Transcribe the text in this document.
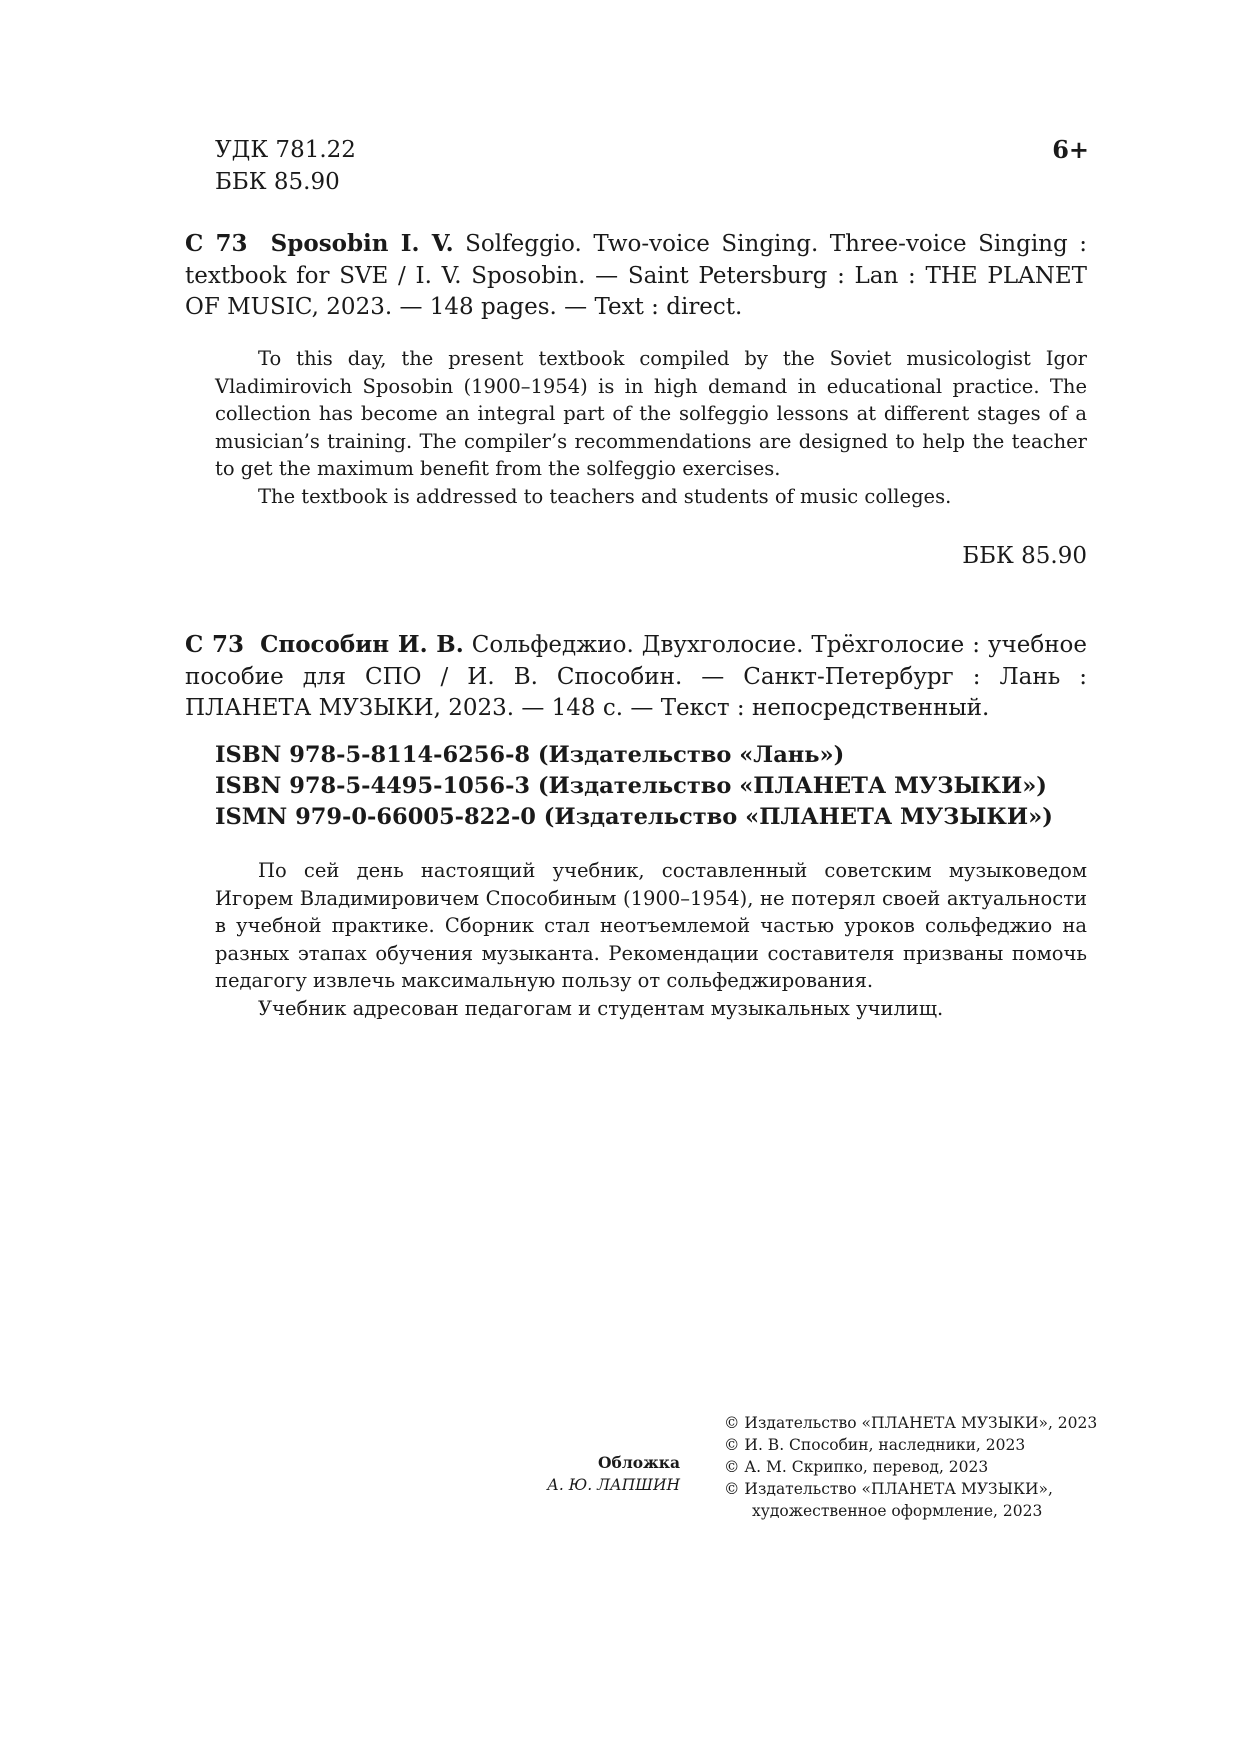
УДК 781.22
ББК 85.90
6+

С 73 Sposobin I. V. Solfeggio. Two-voice Singing. Three-voice Singing : textbook for SVE / I. V. Sposobin. — Saint Petersburg : Lan : THE PLANET OF MUSIC, 2023. — 148 pages. — Text : direct.

To this day, the present textbook compiled by the Soviet musicologist Igor Vladimirovich Sposobin (1900–1954) is in high demand in educational practice. The collection has become an integral part of the solfeggio lessons at different stages of a musician’s training. The compiler’s recommendations are designed to help the teacher to get the maximum benefit from the solfeggio exercises.

The textbook is addressed to teachers and students of music colleges.

ББК 85.90

С 73 Способин И. В. Сольфеджио. Двухголосие. Трёхголосие : учебное пособие для СПО / И. В. Способин. — Санкт-Петербург : Лань : ПЛАНЕТА МУЗЫКИ, 2023. — 148 с. — Текст : непосредственный.

ISBN 978-5-8114-6256-8 (Издательство «Лань»)
ISBN 978-5-4495-1056-3 (Издательство «ПЛАНЕТА МУЗЫКИ»)
ISMN 979-0-66005-822-0 (Издательство «ПЛАНЕТА МУЗЫКИ»)

По сей день настоящий учебник, составленный советским музыковедом Игорем Владимировичем Способиным (1900–1954), не потерял своей актуальности в учебной практике. Сборник стал неотъемлемой частью уроков сольфеджио на разных этапах обучения музыканта. Рекомендации составителя призваны помочь педагогу извлечь максимальную пользу от сольфеджирования.

Учебник адресован педагогам и студентам музыкальных училищ.

Обложка
А. Ю. ЛАПШИН
© Издательство «ПЛАНЕТА МУЗЫКИ», 2023
© И. В. Способин, наследники, 2023
© А. М. Скрипко, перевод, 2023
© Издательство «ПЛАНЕТА МУЗЫКИ»,
художественное оформление, 2023
